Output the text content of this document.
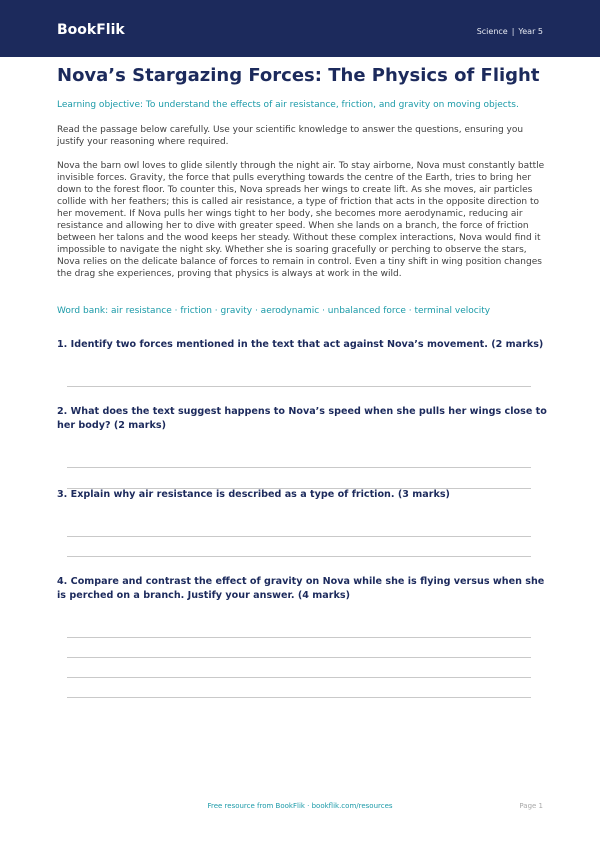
BookFlik	Science | Year 5
Nova’s Stargazing Forces: The Physics of Flight

Learning objective: To understand the effects of air resistance, friction, and gravity on moving objects.

Read the passage below carefully. Use your scientific knowledge to answer the questions, ensuring you justify your reasoning where required.

Nova the barn owl loves to glide silently through the night air. To stay airborne, Nova must constantly battle invisible forces. Gravity, the force that pulls everything towards the centre of the Earth, tries to bring her down to the forest floor. To counter this, Nova spreads her wings to create lift. As she moves, air particles collide with her feathers; this is called air resistance, a type of friction that acts in the opposite direction to her movement. If Nova pulls her wings tight to her body, she becomes more aerodynamic, reducing air resistance and allowing her to dive with greater speed. When she lands on a branch, the force of friction between her talons and the wood keeps her steady. Without these complex interactions, Nova would find it impossible to navigate the night sky. Whether she is soaring gracefully or perching to observe the stars, Nova relies on the delicate balance of forces to remain in control. Even a tiny shift in wing position changes the drag she experiences, proving that physics is always at work in the wild.

Word bank: air resistance · friction · gravity · aerodynamic · unbalanced force · terminal velocity

1. Identify two forces mentioned in the text that act against Nova’s movement. (2 marks)

2. What does the text suggest happens to Nova’s speed when she pulls her wings close to her body? (2 marks)

3. Explain why air resistance is described as a type of friction. (3 marks)

4. Compare and contrast the effect of gravity on Nova while she is flying versus when she is perched on a branch. Justify your answer. (4 marks)

Free resource from BookFlik · bookflik.com/resources	Page 1
